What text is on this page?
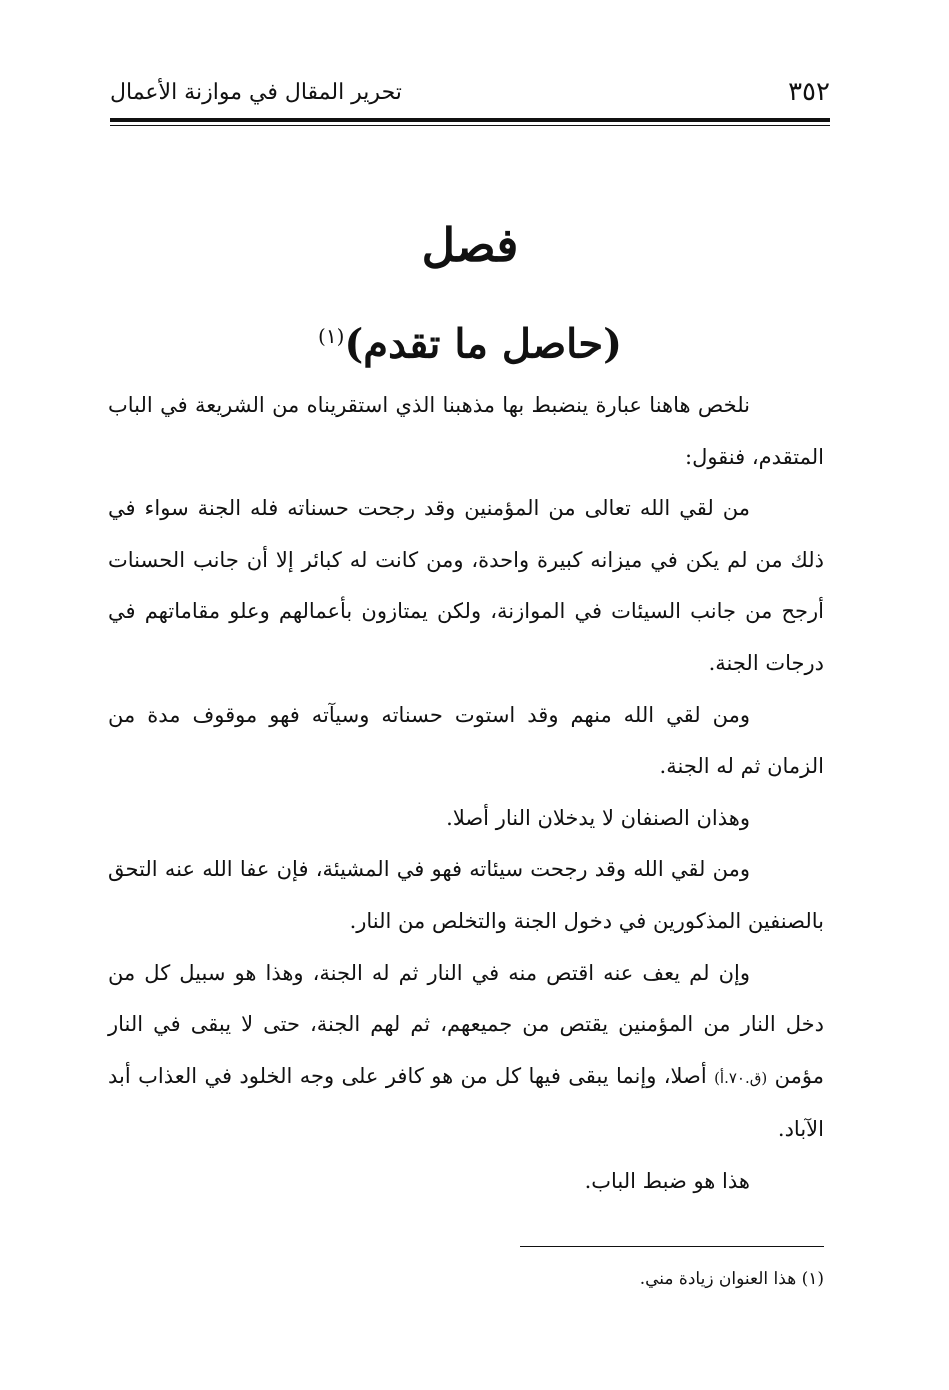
٣٥٢
تحرير المقال في موازنة الأعمال
فصل
(حاصل ما تقدم)$^{(١)}$

نلخص هاهنا عبارة ينضبط بها مذهبنا الذي استقريناه من الشريعة في الباب المتقدم، فنقول:

من لقي الله تعالى من المؤمنين وقد رجحت حسناته فله الجنة سواء في ذلك من لم يكن في ميزانه كبيرة واحدة، ومن كانت له كبائر إلا أن جانب الحسنات أرجح من جانب السيئات في الموازنة، ولكن يمتازون بأعمالهم وعلو مقاماتهم في درجات الجنة.

ومن لقي الله منهم وقد استوت حسناته وسيآته فهو موقوف مدة من الزمان ثم له الجنة.

وهذان الصنفان لا يدخلان النار أصلا.

ومن لقي الله وقد رجحت سيئاته فهو في المشيئة، فإن عفا الله عنه التحق بالصنفين المذكورين في دخول الجنة والتخلص من النار.

وإن لم يعف عنه اقتص منه في النار ثم له الجنة، وهذا هو سبيل كل من دخل النار من المؤمنين يقتص من جميعهم، ثم لهم الجنة، حتى لا يبقى في النار مؤمن (ق.٧٠.أ) أصلا، وإنما يبقى فيها كل من هو كافر على وجه الخلود في العذاب أبد الآباد.

هذا هو ضبط الباب.

(١) هذا العنوان زيادة مني.
